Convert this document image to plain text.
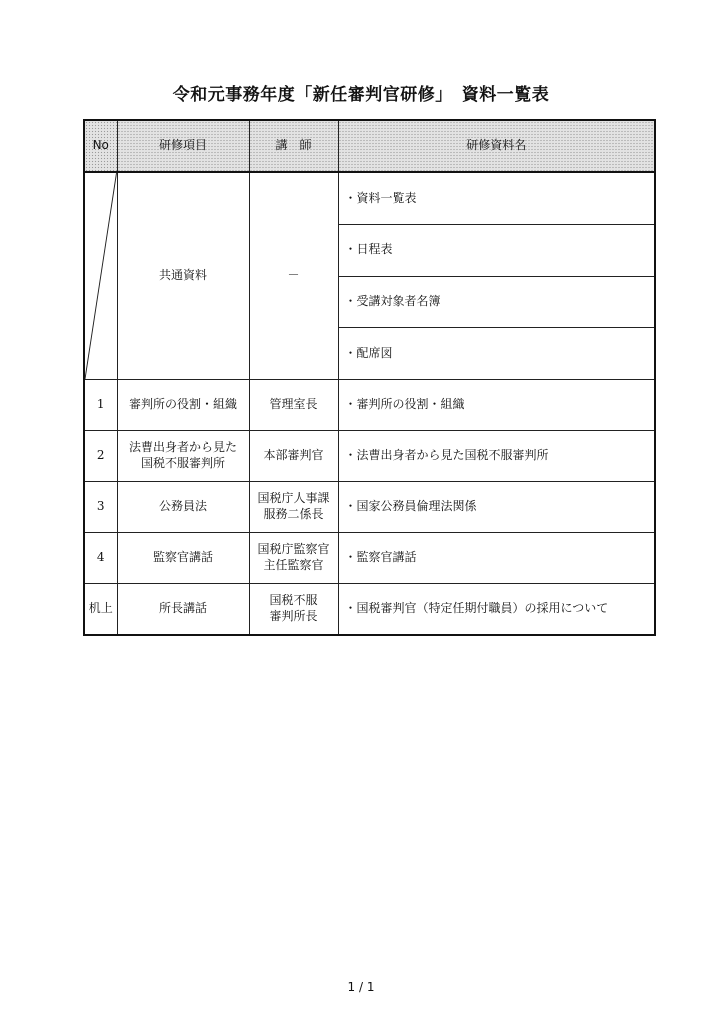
令和元事務年度「新任審判官研修」　資料一覧表
No	研修項目	講　師	研修資料名

	共通資料	－	・資料一覧表
・日程表
・受講対象者名簿
・配席図

1	審判所の役割・組織	管理室長	・審判所の役割・組織
2	法曹出身者から見た
国税不服審判所	本部審判官	・法曹出身者から見た国税不服審判所
3	公務員法	国税庁人事課
服務二係長	・国家公務員倫理法関係
4	監察官講話	国税庁監察官
主任監察官	・監察官講話
机上	所長講話	国税不服
審判所長	・国税審判官（特定任期付職員）の採用について
1 / 1
